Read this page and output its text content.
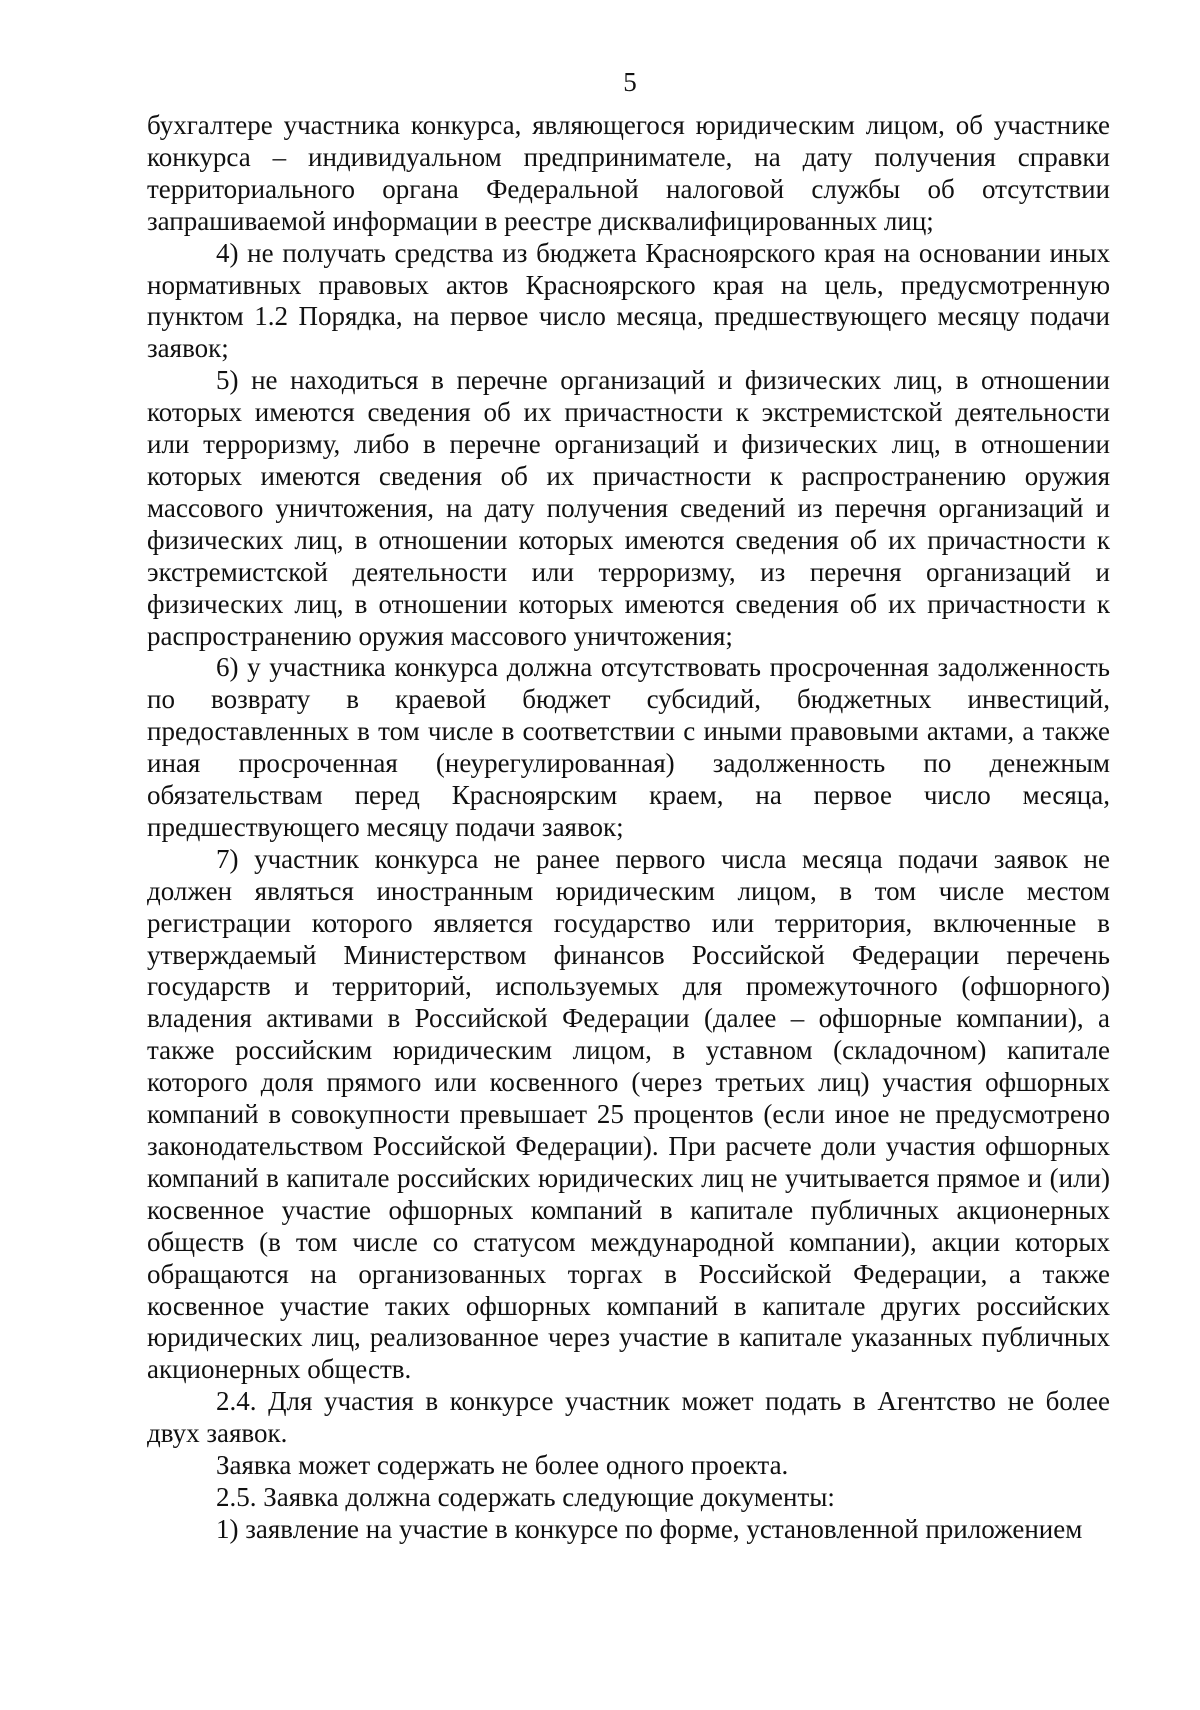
5

бухгалтере участника конкурса, являющегося юридическим лицом, об участнике конкурса – индивидуальном предпринимателе, на дату получения справки территориального органа Федеральной налоговой службы об отсутствии запрашиваемой информации в реестре дисквалифицированных лиц;

4) не получать средства из бюджета Красноярского края на основании иных нормативных правовых актов Красноярского края на цель, предусмотренную пунктом 1.2 Порядка, на первое число месяца, предшествующего месяцу подачи заявок;

5) не находиться в перечне организаций и физических лиц, в отношении которых имеются сведения об их причастности к экстремистской деятельности или терроризму, либо в перечне организаций и физических лиц, в отношении которых имеются сведения об их причастности к распространению оружия массового уничтожения, на дату получения сведений из перечня организаций и физических лиц, в отношении которых имеются сведения об их причастности к экстремистской деятельности или терроризму, из перечня организаций и физических лиц, в отношении которых имеются сведения об их причастности к распространению оружия массового уничтожения;

6) у участника конкурса должна отсутствовать просроченная задолженность по возврату в краевой бюджет субсидий, бюджетных инвестиций, предоставленных в том числе в соответствии с иными правовыми актами, а также иная просроченная (неурегулированная) задолженность по денежным обязательствам перед Красноярским краем, на первое число месяца, предшествующего месяцу подачи заявок;

7) участник конкурса не ранее первого числа месяца подачи заявок не должен являться иностранным юридическим лицом, в том числе местом регистрации которого является государство или территория, включенные в утверждаемый Министерством финансов Российской Федерации перечень государств и территорий, используемых для промежуточного (офшорного) владения активами в Российской Федерации (далее – офшорные компании), а также российским юридическим лицом, в уставном (складочном) капитале которого доля прямого или косвенного (через третьих лиц) участия офшорных компаний в совокупности превышает 25 процентов (если иное не предусмотрено законодательством Российской Федерации). При расчете доли участия офшорных компаний в капитале российских юридических лиц не учитывается прямое и (или) косвенное участие офшорных компаний в капитале публичных акционерных обществ (в том числе со статусом международной компании), акции которых обращаются на организованных торгах в Российской Федерации, а также косвенное участие таких офшорных компаний в капитале других российских юридических лиц, реализованное через участие в капитале указанных публичных акционерных обществ.

2.4. Для участия в конкурсе участник может подать в Агентство не более двух заявок.

Заявка может содержать не более одного проекта.

2.5. Заявка должна содержать следующие документы:

1) заявление на участие в конкурсе по форме, установленной приложением
